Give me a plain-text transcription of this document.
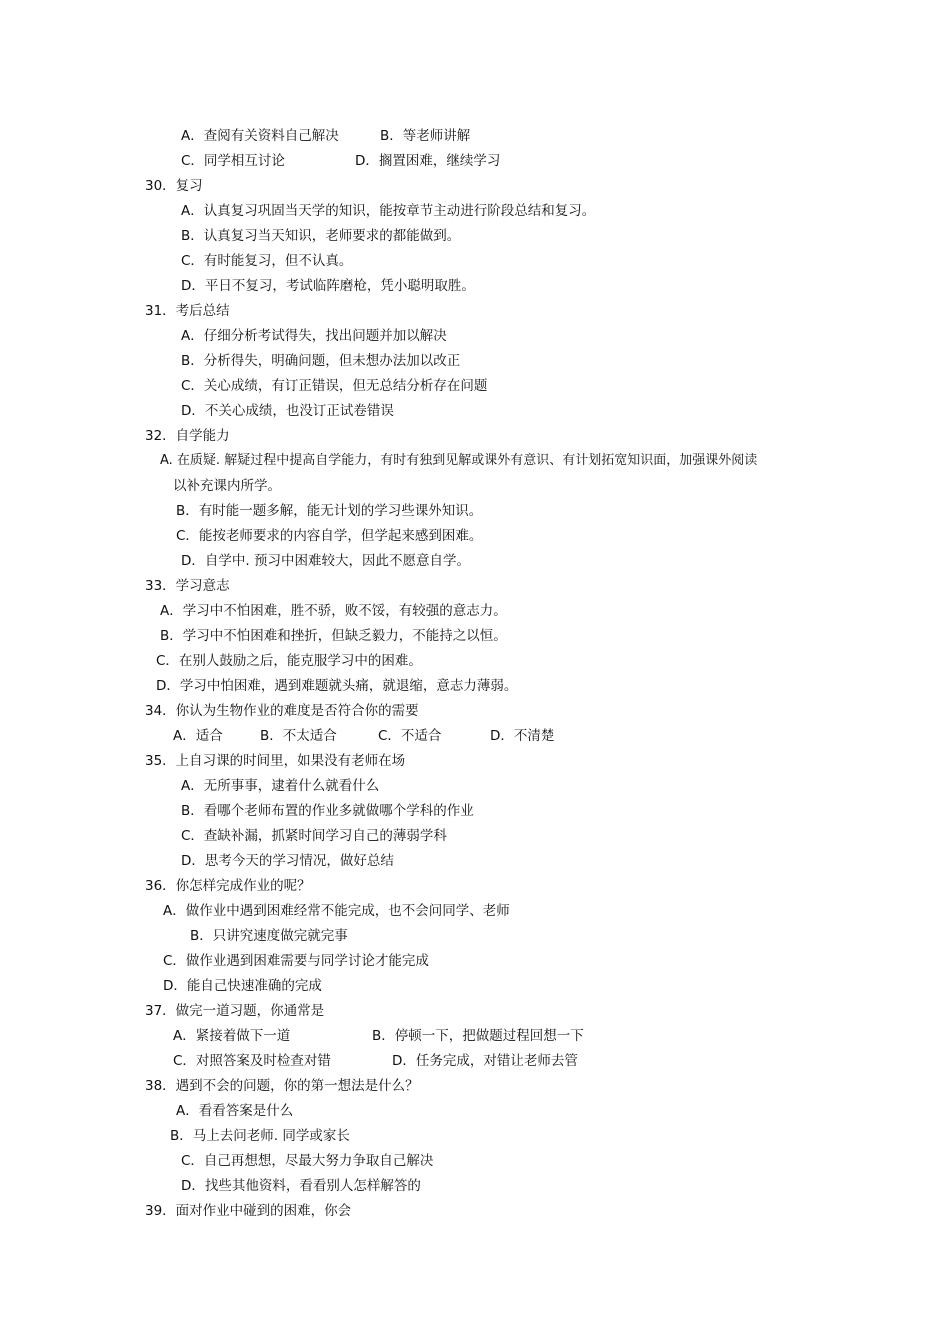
A．查阅有关资料自己解决	B．等老师讲解
C．同学相互讨论	D．搁置困难，继续学习
30．复习
A．认真复习巩固当天学的知识，能按章节主动进行阶段总结和复习。
B．认真复习当天知识，老师要求的都能做到。
C．有时能复习，但不认真。
D．平日不复习，考试临阵磨枪，凭小聪明取胜。
31．考后总结
A．仔细分析考试得失，找出问题并加以解决
B．分析得失，明确问题，但未想办法加以改正
C．关心成绩，有订正错误，但无总结分析存在问题
D．不关心成绩，也没订正试卷错误
32．自学能力
A. 在质疑. 解疑过程中提高自学能力，有时有独到见解或课外有意识、有计划拓宽知识面，加强课外阅读
以补充课内所学。
B．有时能一题多解，能无计划的学习些课外知识。
C．能按老师要求的内容自学，但学起来感到困难。
D．自学中. 预习中困难较大，因此不愿意自学。
33．学习意志
A．学习中不怕困难，胜不骄，败不馁，有较强的意志力。
B．学习中不怕困难和挫折，但缺乏毅力，不能持之以恒。
C．在别人鼓励之后，能克服学习中的困难。
D．学习中怕困难，遇到难题就头痛，就退缩，意志力薄弱。
34．你认为生物作业的难度是否符合你的需要
A．适合	B．不太适合	C．不适合	D．不清楚
35．上自习课的时间里，如果没有老师在场
A．无所事事，逮着什么就看什么
B．看哪个老师布置的作业多就做哪个学科的作业
C．查缺补漏，抓紧时间学习自己的薄弱学科
D．思考今天的学习情况，做好总结
36．你怎样完成作业的呢？
A．做作业中遇到困难经常不能完成，也不会问同学、老师
B．只讲究速度做完就完事
C．做作业遇到困难需要与同学讨论才能完成
D．能自己快速准确的完成
37．做完一道习题，你通常是
A．紧接着做下一道	B．停顿一下，把做题过程回想一下
C．对照答案及时检查对错	D．任务完成，对错让老师去管
38．遇到不会的问题，你的第一想法是什么？
A．看看答案是什么
B．马上去问老师. 同学或家长
C．自己再想想，尽最大努力争取自己解决
D．找些其他资料，看看别人怎样解答的
39．面对作业中碰到的困难，你会
